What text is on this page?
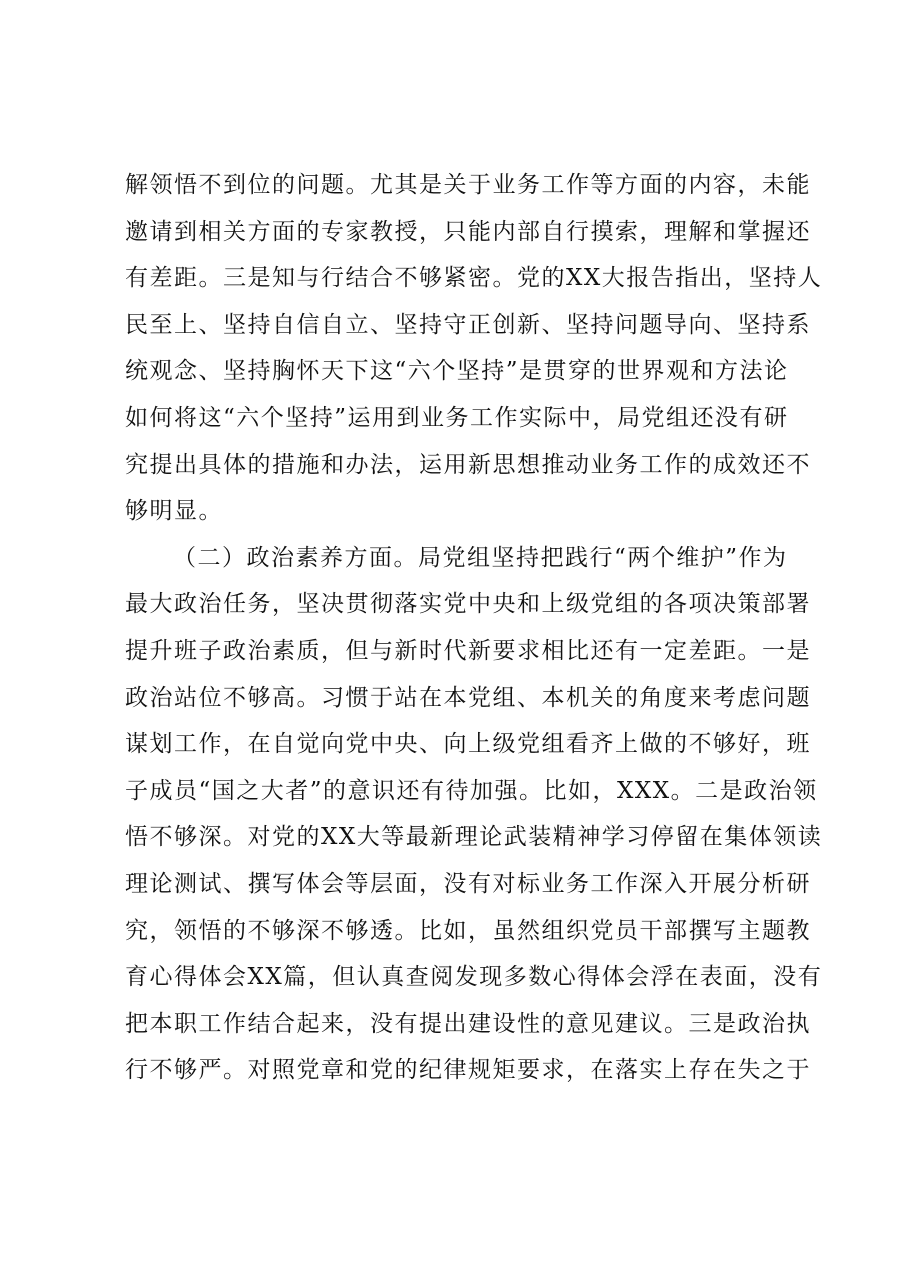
解领悟不到位的问题。尤其是关于业务工作等方面的内容，未能
邀请到相关方面的专家教授，只能内部自行摸索，理解和掌握还
有差距。三是知与行结合不够紧密。党的XX大报告指出，坚持人
民至上、坚持自信自立、坚持守正创新、坚持问题导向、坚持系
统观念、坚持胸怀天下这“六个坚持”是贯穿的世界观和方法论
如何将这“六个坚持”运用到业务工作实际中，局党组还没有研
究提出具体的措施和办法，运用新思想推动业务工作的成效还不
够明显。
（二）政治素养方面。局党组坚持把践行“两个维护”作为
最大政治任务，坚决贯彻落实党中央和上级党组的各项决策部署
提升班子政治素质，但与新时代新要求相比还有一定差距。一是
政治站位不够高。习惯于站在本党组、本机关的角度来考虑问题
谋划工作，在自觉向党中央、向上级党组看齐上做的不够好，班
子成员“国之大者”的意识还有待加强。比如，XXX。二是政治领
悟不够深。对党的XX大等最新理论武装精神学习停留在集体领读
理论测试、撰写体会等层面，没有对标业务工作深入开展分析研
究，领悟的不够深不够透。比如，虽然组织党员干部撰写主题教
育心得体会XX篇，但认真查阅发现多数心得体会浮在表面，没有
把本职工作结合起来，没有提出建设性的意见建议。三是政治执
行不够严。对照党章和党的纪律规矩要求，在落实上存在失之于
